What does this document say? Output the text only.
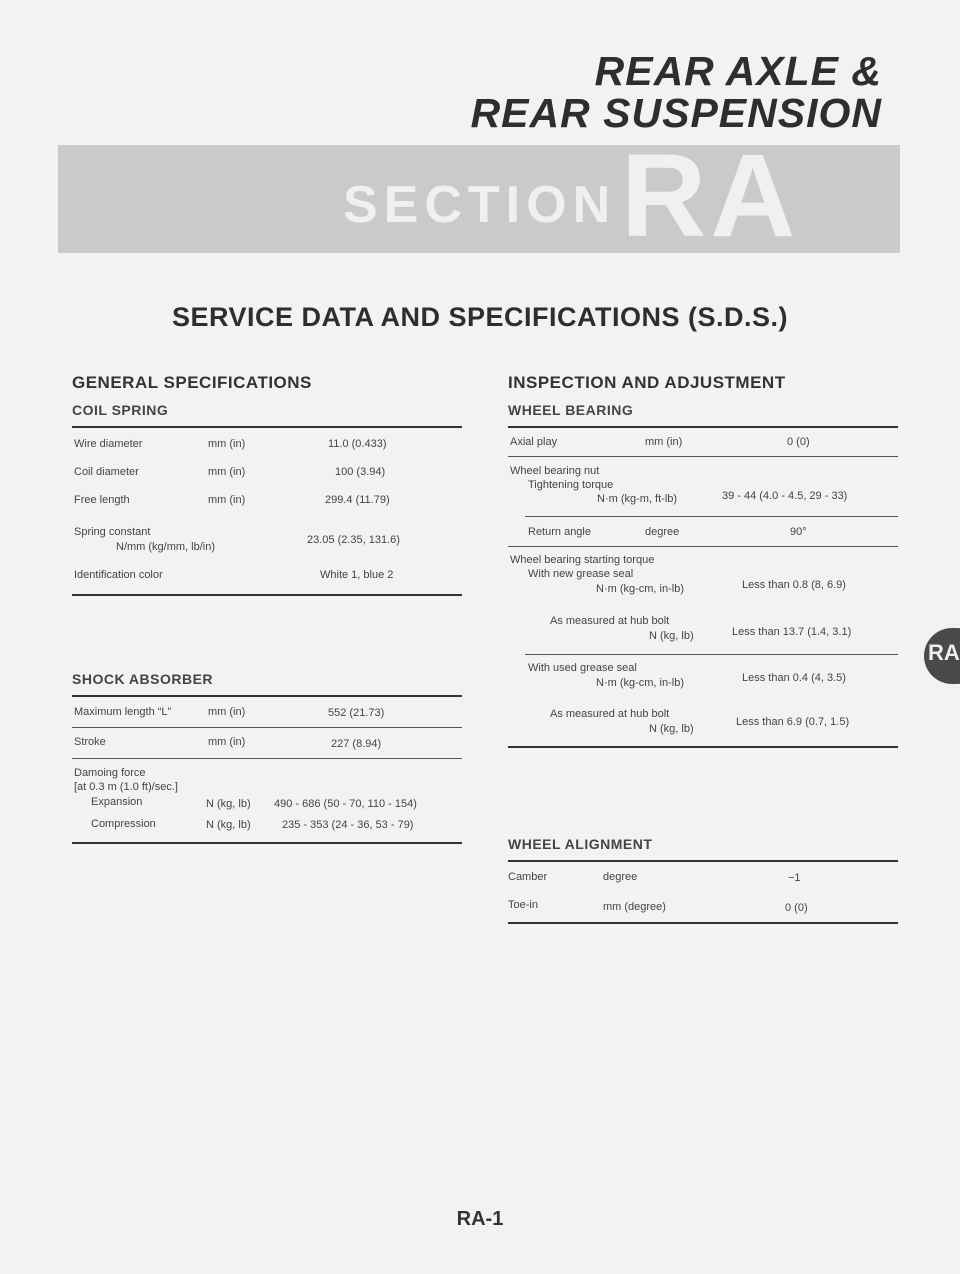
REAR AXLE &
REAR SUSPENSION
SECTION RA
SERVICE DATA AND SPECIFICATIONS (S.D.S.)
GENERAL SPECIFICATIONS
COIL SPRING
Wire diameter	mm (in)	11.0 (0.433)
Coil diameter	mm (in)	100 (3.94)
Free length	mm (in)	299.4 (11.79)
Spring constant
N/mm (kg/mm, lb/in)
23.05 (2.35, 131.6)
Identification color	White 1, blue 2
SHOCK ABSORBER
Maximum length “L”	mm (in)	552 (21.73)
Stroke	mm (in)	227 (8.94)
Damoing force
[at 0.3 m (1.0 ft)/sec.]
Expansion	N (kg, lb) 490 - 686 (50 - 70, 110 - 154)
Compression	N (kg, lb)	235 - 353 (24 - 36, 53 - 79)
INSPECTION AND ADJUSTMENT
WHEEL BEARING
Axial play	mm (in)	0 (0)
Wheel bearing nut
Tightening torque
N·m (kg-m, ft-lb)	39 - 44 (4.0 - 4.5, 29 - 33)
Return angle	degree	90°
Wheel bearing starting torque
With new grease seal
N·m (kg-cm, in-lb)	Less than 0.8 (8, 6.9)
As measured at hub bolt
N (kg, lb)	Less than 13.7 (1.4, 3.1)
With used grease seal
N·m (kg-cm, in-lb)	Less than 0.4 (4, 3.5)
As measured at hub bolt
N (kg, lb)
Less than 6.9 (0.7, 1.5)
WHEEL ALIGNMENT
Camber	degree	−1
Toe-in	mm (degree)	0 (0)
RA
RA-1
